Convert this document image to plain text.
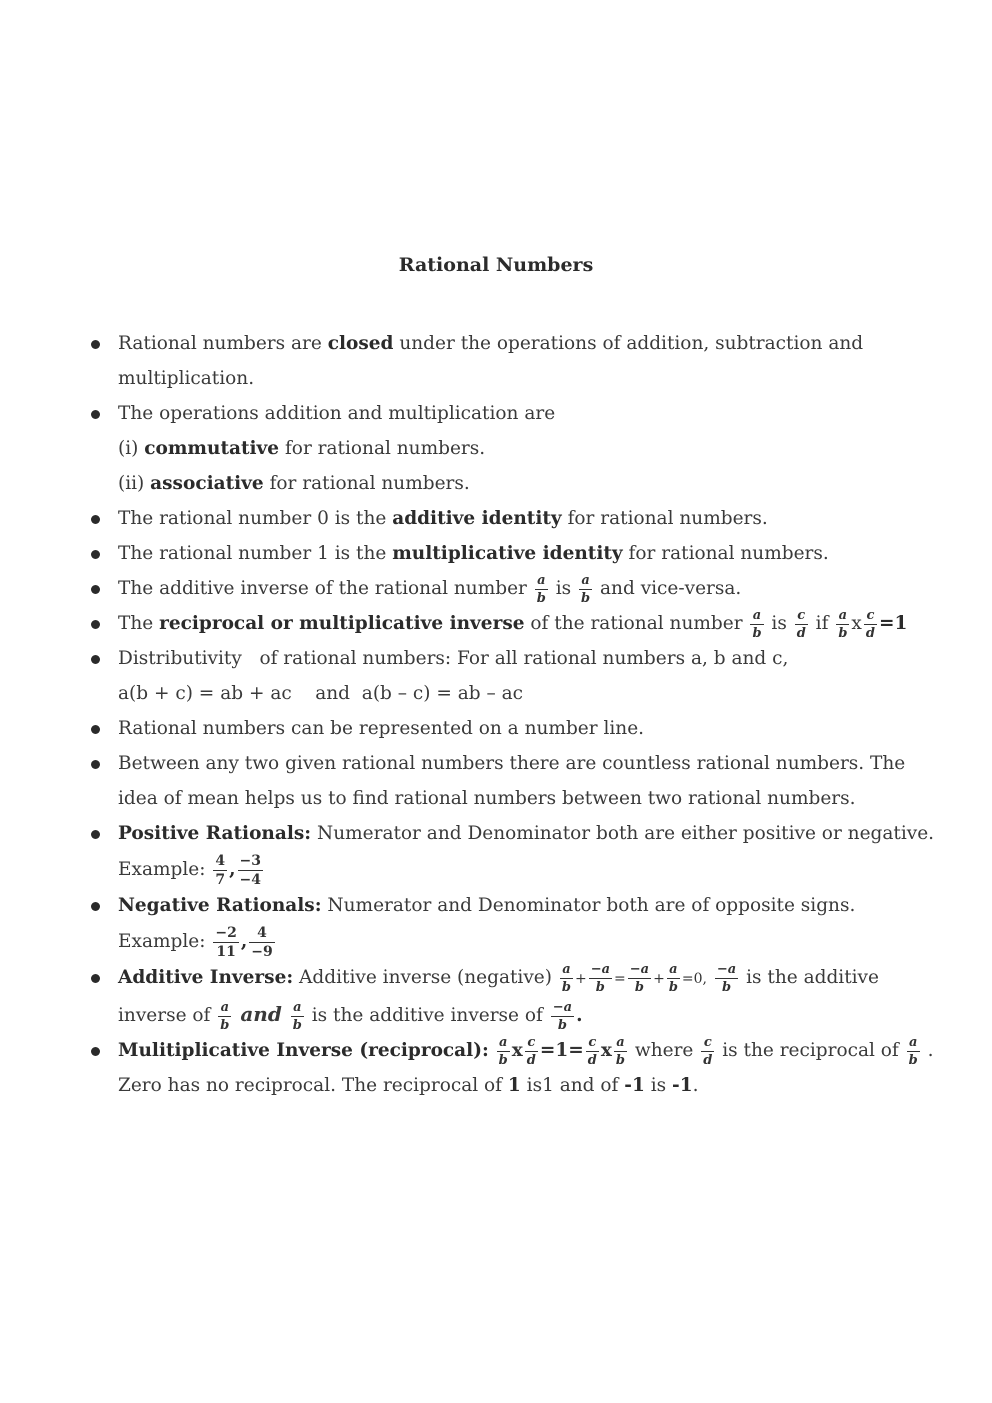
Rational Numbers
Rational numbers are closed under the operations of addition, subtraction and
multiplication.
The operations addition and multiplication are
(i) commutative for rational numbers.
(ii) associative for rational numbers.
The rational number 0 is the additive identity for rational numbers.
The rational number 1 is the multiplicative identity for rational numbers.
The additive inverse of the rational number $\frac{a}{b}$ is $\frac{a}{b}$ and vice-versa.
The reciprocal or multiplicative inverse of the rational number $\frac{a}{b}$ is $\frac{c}{d}$ if $\frac{a}{b}$ x $\frac{c}{d} =1$
Distributivity   of rational numbers: For all rational numbers a, b and c,
a(b + c) = ab + ac    and  a(b – c) = ab – ac
Rational numbers can be represented on a number line.
Between any two given rational numbers there are countless rational numbers. The
idea of mean helps us to find rational numbers between two rational numbers.
Positive Rationals: Numerator and Denominator both are either positive or negative.
Example: $\frac{4}{7}$ , $\frac{-3}{-4}$
Negative Rationals: Numerator and Denominator both are of opposite signs.
Example: $\frac{-2}{11}$ , $\frac{4}{-9}$
Additive Inverse: Additive inverse (negative) $\frac{a}{b} + \frac{-a}{b} = \frac{-a}{b} + \frac{a}{b} =0$, $\frac{-a}{b}$ is the additive
inverse of $\frac{a}{b}$ and $\frac{a}{b}$ is the additive inverse of $\frac{-a}{b}$ .
Mulitiplicative Inverse (reciprocal): $\frac{a}{b}$ x $\frac{c}{d} =1= \frac{c}{d}$ x $\frac{a}{b}$ where $\frac{c}{d}$ is the reciprocal of $\frac{a}{b}$ .
Zero has no reciprocal. The reciprocal of 1 is1 and of -1 is -1.
